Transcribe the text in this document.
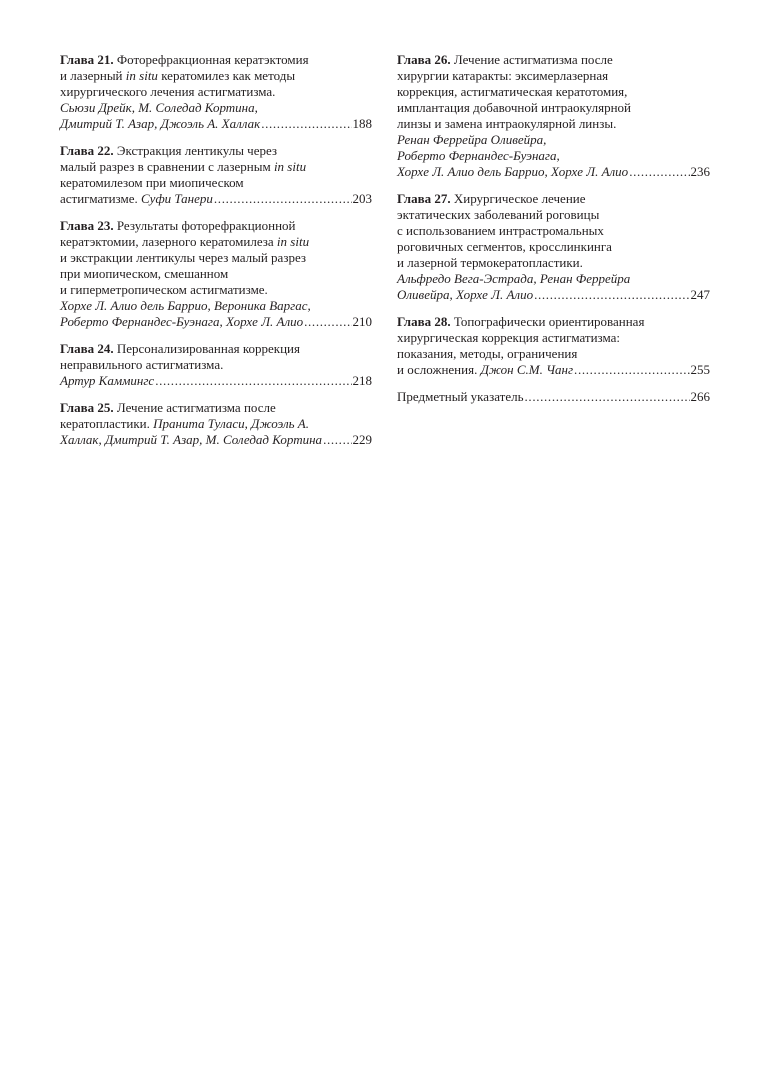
Глава 21.
Фоторефракционная кератэктомия
и лазерный
in situ
кератомилез как методы
хирургического лечения астигматизма.
Сьюзи Дрейк, М. Соледад Кортина,
Дмитрий Т. Азар, Джоэль А. Халлак . . .	188
Глава 22.
Экстракция лентикулы через
малый разрез в сравнении с лазерным
in situ
кератомилезом при миопическом
астигматизме.
Суфи Танери . . .	203
Глава 23.
Результаты фоторефракционной
кератэктомии, лазерного кератомилеза
in situ
и экстракции лентикулы через малый разрез
при миопическом, смешанном
и гиперметропическом астигматизме.
Хорхе Л. Алио дель Баррио, Вероника Варгас,
Роберто Фернандес-Буэнага, Хорхе Л. Алио . . .	210
Глава 24.
Персонализированная коррекция
неправильного астигматизма.
Артур Каммингс . . .	218
Глава 25.
Лечение астигматизма после
кератопластики.
Пранита Туласи, Джоэль А.
Халлак, Дмитрий Т. Азар, М. Соледад Кортина . . . 229
Глава 26.
Лечение астигматизма после
хирургии катаракты: эксимерлазерная
коррекция, астигматическая кератотомия,
имплантация добавочной интраокулярной
линзы и замена интраокулярной линзы.
Ренан Феррейра Оливейра,
Роберто Фернандес-Буэнага,
Хорхе Л. Алио дель Баррио, Хорхе Л. Алио . . .	236
Глава 27.
Хирургическое лечение
эктатических заболеваний роговицы
с использованием интрастромальных
роговичных сегментов, кросслинкинга
и лазерной термокератопластики.
Альфредо Вега-Эстрада, Ренан Феррейра
Оливейра, Хорхе Л. Алио . . .	247
Глава 28.
Топографически ориентированная
хирургическая коррекция астигматизма:
показания, методы, ограничения
и осложнения.
Джон С.М. Чанг . . .	255
Предметный указатель . . .	266
